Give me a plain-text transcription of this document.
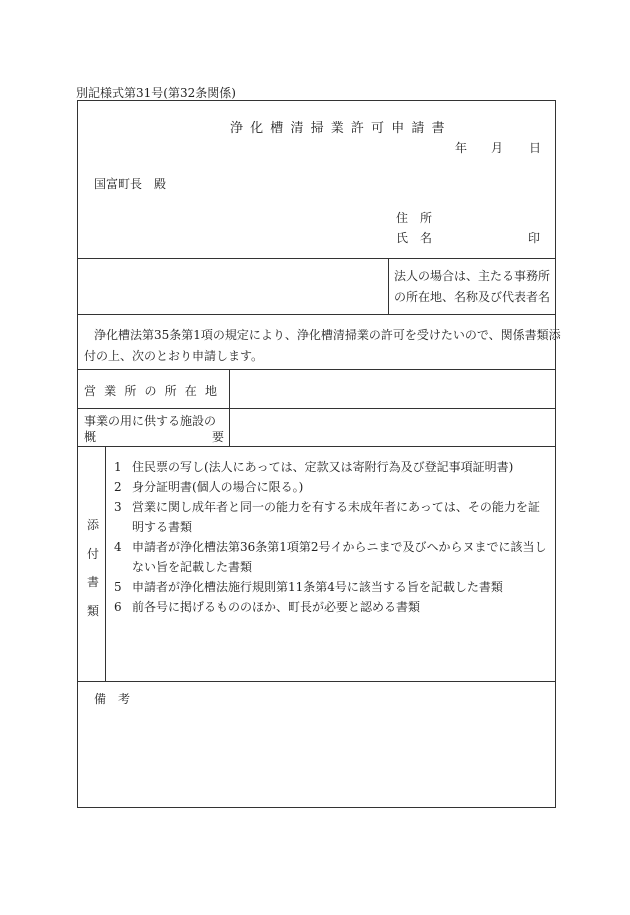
別記様式第31号(第32条関係)
浄化槽清掃業許可申請書
年 月 日
国富町長　殿
住　所
氏　名	印
法人の場合は、主たる事務所
の所在地、名称及び代表者名
浄化槽法第35条第1項の規定により、浄化槽清掃業の許可を受けたいので、関係書類添
付の上、次のとおり申請します。
営業所の所在地
事業の用に供する施設の
概	要
添
付
書
類
1 住民票の写し(法人にあっては、定款又は寄附行為及び登記事項証明書)
2 身分証明書(個人の場合に限る。)
3 営業に関し成年者と同一の能力を有する未成年者にあっては、その能力を証明する書類
4 申請者が浄化槽法第36条第1項第2号イからニまで及びヘからヌまでに該当しない旨を記載した書類
5 申請者が浄化槽法施行規則第11条第4号に該当する旨を記載した書類
6 前各号に掲げるもののほか、町長が必要と認める書類
備　考
